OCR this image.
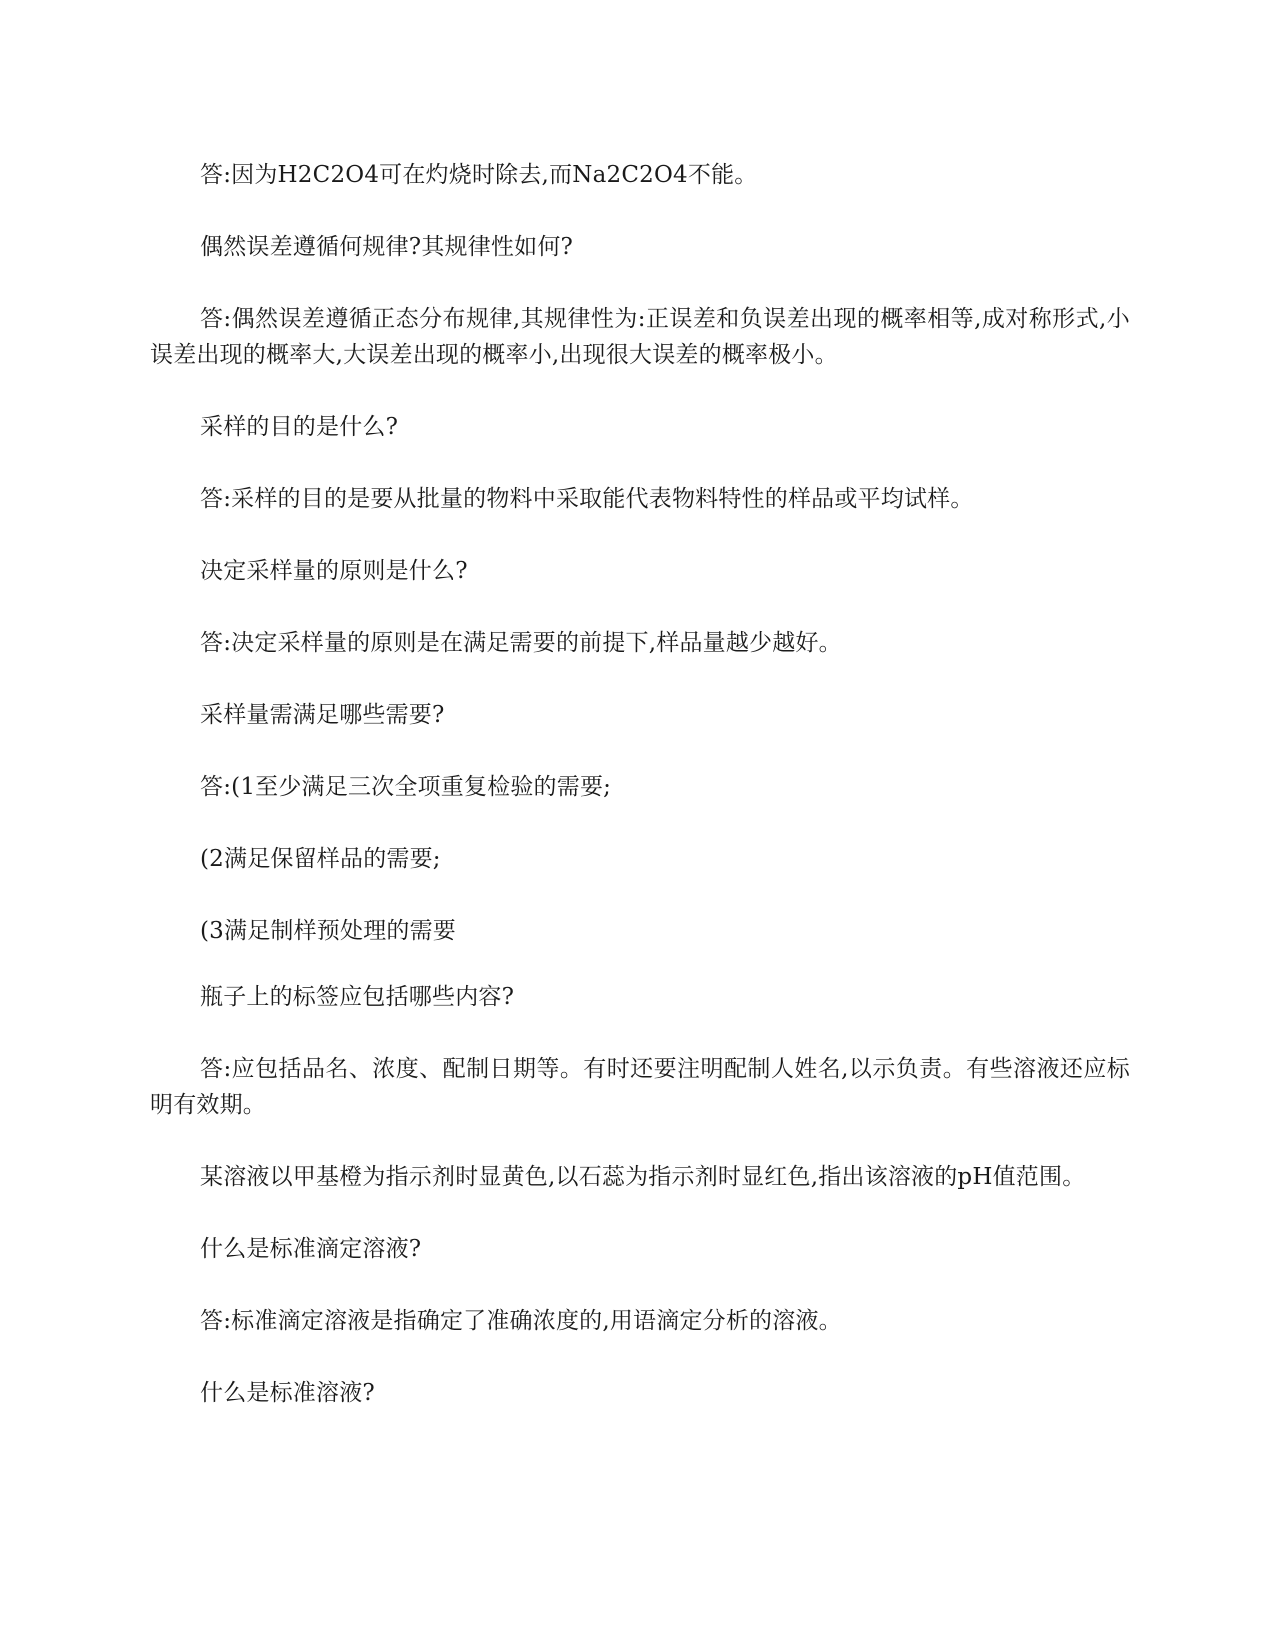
答:因为H2C2O4可在灼烧时除去,而Na2C2O4不能。

偶然误差遵循何规律?其规律性如何?

答:偶然误差遵循正态分布规律,其规律性为:正误差和负误差出现的概率相等,成对称形式,小误差出现的概率大,大误差出现的概率小,出现很大误差的概率极小。

采样的目的是什么?

答:采样的目的是要从批量的物料中采取能代表物料特性的样品或平均试样。

决定采样量的原则是什么?

答:决定采样量的原则是在满足需要的前提下,样品量越少越好。

采样量需满足哪些需要?

答:(1至少满足三次全项重复检验的需要;

(2满足保留样品的需要;

(3满足制样预处理的需要

瓶子上的标签应包括哪些内容?

答:应包括品名、浓度、配制日期等。有时还要注明配制人姓名,以示负责。有些溶液还应标明有效期。

某溶液以甲基橙为指示剂时显黄色,以石蕊为指示剂时显红色,指出该溶液的pH值范围。

什么是标准滴定溶液?

答:标准滴定溶液是指确定了准确浓度的,用语滴定分析的溶液。

什么是标准溶液?
